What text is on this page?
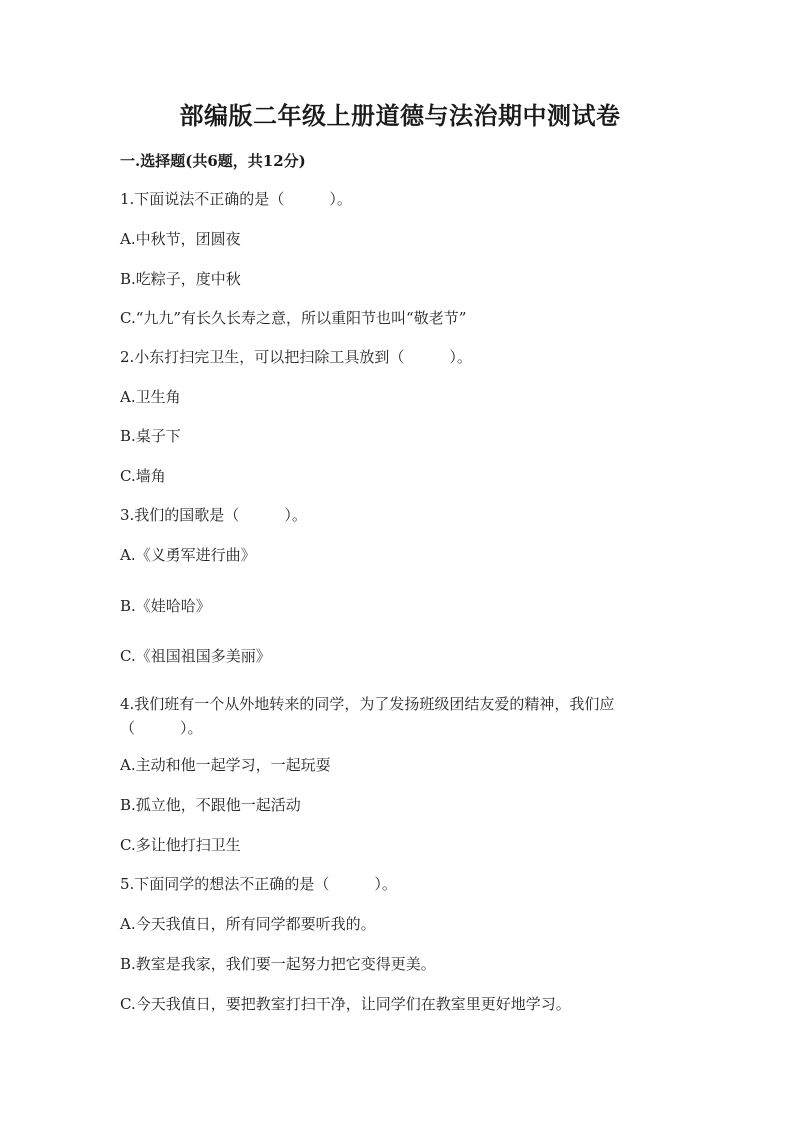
部编版二年级上册道德与法治期中测试卷
一.选择题(共6题，共12分)
1.下面说法不正确的是（　　　）。
A.中秋节，团圆夜
B.吃粽子，度中秋
C.“九九”有长久长寿之意，所以重阳节也叫“敬老节”
2.小东打扫完卫生，可以把扫除工具放到（　　　）。
A.卫生角
B.桌子下
C.墙角
3.我们的国歌是（　　　）。
A.《义勇军进行曲》
B.《娃哈哈》
C.《祖国祖国多美丽》
4.我们班有一个从外地转来的同学，为了发扬班级团结友爱的精神，我们应（　　　）。
A.主动和他一起学习，一起玩耍
B.孤立他，不跟他一起活动
C.多让他打扫卫生
5.下面同学的想法不正确的是（　　　）。
A.今天我值日，所有同学都要听我的。
B.教室是我家，我们要一起努力把它变得更美。
C.今天我值日，要把教室打扫干净，让同学们在教室里更好地学习。
